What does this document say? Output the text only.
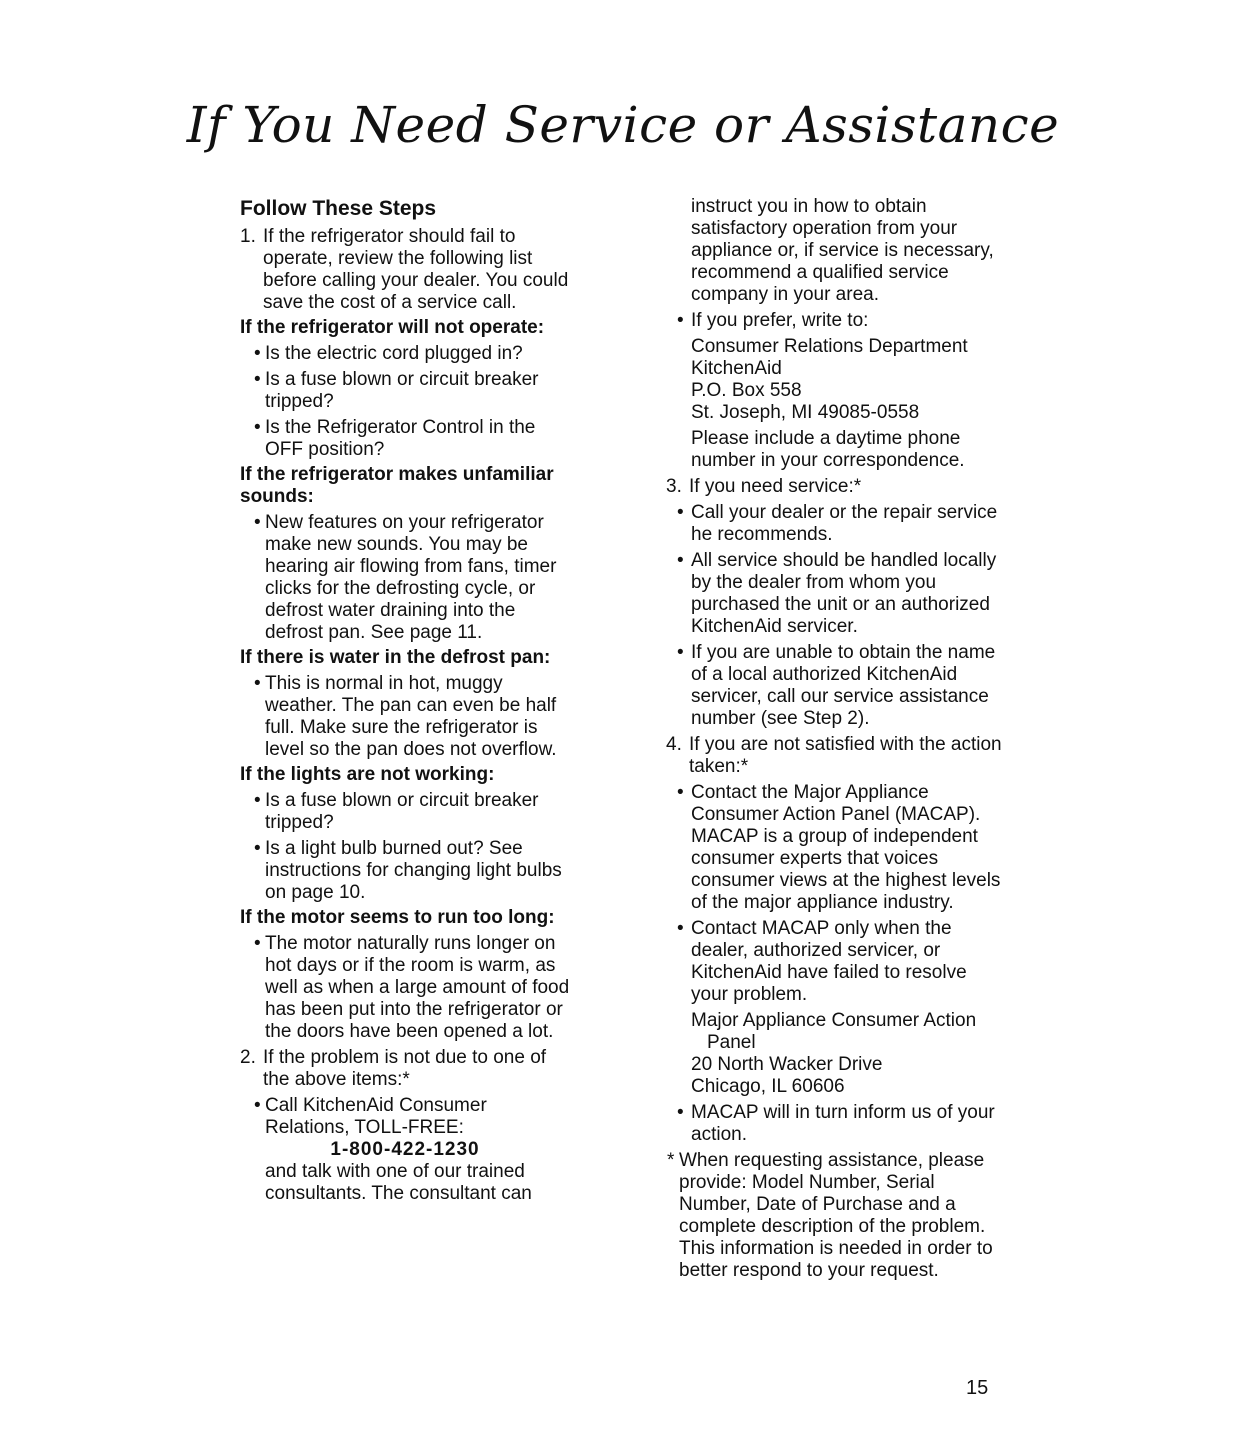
If You Need Service or Assistance
Follow These Steps
1. If the refrigerator should fail to operate, review the following list before calling your dealer. You could save the cost of a service call.
If the refrigerator will not operate:
• Is the electric cord plugged in?
• Is a fuse blown or circuit breaker tripped?
• Is the Refrigerator Control in the OFF position?
If the refrigerator makes unfamiliar sounds:
• New features on your refrigerator make new sounds. You may be hearing air flowing from fans, timer clicks for the defrosting cycle, or defrost water draining into the defrost pan. See page 11.
If there is water in the defrost pan:
• This is normal in hot, muggy weather. The pan can even be half full. Make sure the refrigerator is level so the pan does not overflow.
If the lights are not working:
• Is a fuse blown or circuit breaker tripped?
• Is a light bulb burned out? See instructions for changing light bulbs on page 10.
If the motor seems to run too long:
• The motor naturally runs longer on hot days or if the room is warm, as well as when a large amount of food has been put into the refrigerator or the doors have been opened a lot.
2. If the problem is not due to one of the above items:*
• Call KitchenAid Consumer Relations, TOLL-FREE:
1-800-422-1230
and talk with one of our trained consultants. The consultant can
instruct you in how to obtain satisfactory operation from your appliance or, if service is necessary, recommend a qualified service company in your area.
• If you prefer, write to:
Consumer Relations Department
KitchenAid
P.O. Box 558
St. Joseph, MI 49085-0558
Please include a daytime phone number in your correspondence.
3. If you need service:*
• Call your dealer or the repair service he recommends.
• All service should be handled locally by the dealer from whom you purchased the unit or an authorized KitchenAid servicer.
• If you are unable to obtain the name of a local authorized KitchenAid servicer, call our service assistance number (see Step 2).
4. If you are not satisfied with the action taken:*
• Contact the Major Appliance Consumer Action Panel (MACAP). MACAP is a group of independent consumer experts that voices consumer views at the highest levels of the major appliance industry.
• Contact MACAP only when the dealer, authorized servicer, or KitchenAid have failed to resolve your problem.
Major Appliance Consumer Action
Panel
20 North Wacker Drive
Chicago, IL 60606
• MACAP will in turn inform us of your action.
* When requesting assistance, please provide: Model Number, Serial Number, Date of Purchase and a complete description of the problem. This information is needed in order to better respond to your request.
15
